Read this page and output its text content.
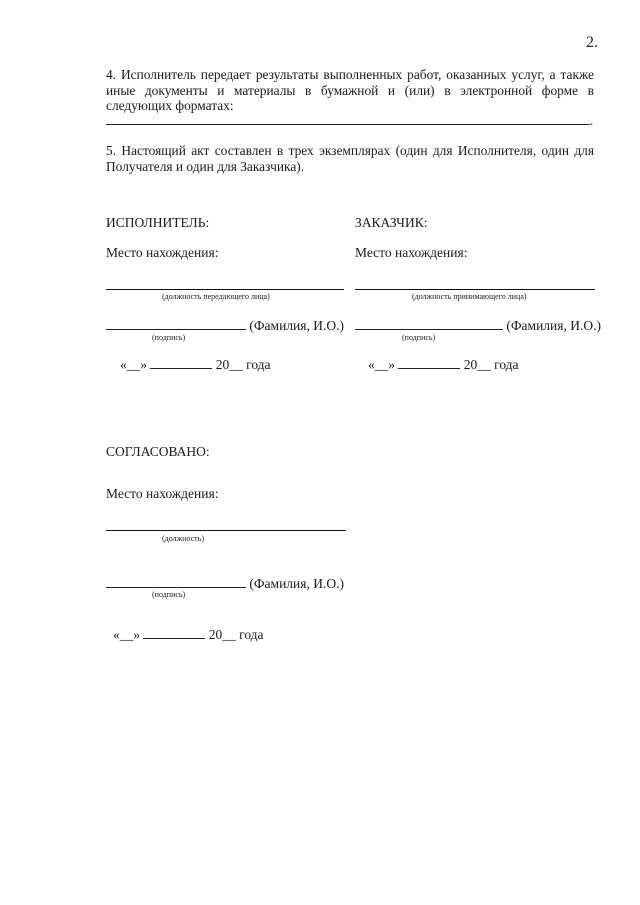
2.
4. Исполнитель передает результаты выполненных работ, оказанных услуг, а также иные документы и материалы в бумажной и (или) в электронной форме в следующих форматах:
.
5. Настоящий акт составлен в трех экземплярах (один для Исполнителя, один для Получателя и один для Заказчика).
ИСПОЛНИТЕЛЬ:
Место нахождения:
(должность передающего лица)
(Фамилия, И.О.)
(подпись)
«__»	20__ года
ЗАКАЗЧИК:
Место нахождения:
(должность принимающего лица)
(Фамилия, И.О.)
(подпись)
«__»	20__ года
СОГЛАСОВАНО:
Место нахождения:
(должность)
(Фамилия, И.О.)
(подпись)
«__»	20__ года
